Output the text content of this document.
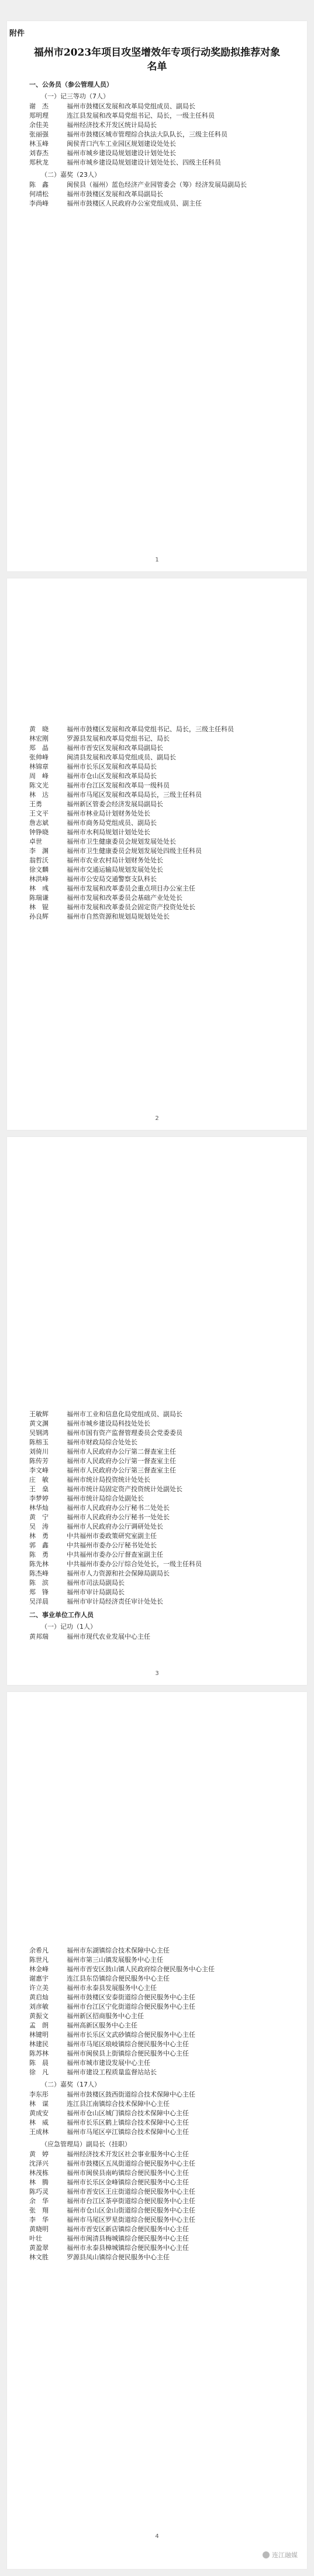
附件
福州市2023年项目攻坚增效年专项行动奖励拟推荐对象名单
一、公务员（参公管理人员）
（一）记三等功（7人）
谢　杰	福州市鼓楼区发展和改革局党组成员、副局长
郑明理	连江县发展和改革局党组书记、局长，一级主任科员
余佳美	福州经济技术开发区统计局局长
张丽强	福州市鼓楼区城市管理综合执法大队队长，三级主任科员
林玉峰	闽侯青口汽车工业园区规划建设处处长
刘春杰	福州市城乡建设局规划建设计划处处长
郑秋龙	福州市城乡建设局规划建设计划处处长、四级主任科员
（二）嘉奖（23人）
陈　鑫	闽侯县（福州）蓝色经济产业园管委会（筹）经济发展局副局长
何靖松	福州市鼓楼区发展和改革局副局长
李尚峰	福州市鼓楼区人民政府办公室党组成员、副主任
1
黄　晓	福州市鼓楼区发展和改革局党组书记、局长，三级主任科员
林宏刚	罗源县发展和改革局党组书记、局长
郑　晶	福州市晋安区发展和改革局副局长
张帅峰	闽清县发展和改革局党组成员、副局长
林锦章	福州市长乐区发展和改革局局长
周　峰	福州市仓山区发展和改革局局长
陈文光	福州市台江区发展和改革局一级科员
林　达	福州市马尾区发展和改革局局长，三级主任科员
王勇	福州新区管委会经济发展局副局长
王文平	福州市林业局计划财务处处长
詹志斌	福州市商务局党组成员、副局长
钟铮晓	福州市水利局规划计划处处长
卓世　	福州市卫生健康委员会规划发展处处长
李　渊	福州市卫生健康委员会规划发展处四级主任科员
翁哲沃	福州市农业农村局计划财务处处长
徐文麟	福州市交通运输局规划发展处处长
林洪峰	福州市公安局交通警察支队科长
林　彧	福州市发展和改革委员会重点项目办公室主任
陈瑞谦	福州市发展和改革委员会基础产业处处长
林　锟	福州市发展和改革委员会固定资产投资处处长
孙良辉	福州市自然资源和规划局规划处处长
2
王敏辉	福州市工业和信息化局党组成员、副局长
黄文渊	福州市城乡建设局科技处处长
吴钢鸿	福州市国有资产监督管理委员会党委委员
陈榕玉	福州市财政局综合处处长
刘倚川	福州市人民政府办公厅第二督查室主任
陈传芳	福州市人民政府办公厅第一督查室主任
李文峰	福州市人民政府办公厅第三督查室主任
庄　敏	福州市统计局投资统计处处长
王　燊	福州市统计局固定资产投资统计处副处长
李梦婷	福州市统计局综合处副处长
林华灿	福州市人民政府办公厅秘书二处处长
黄　宁	福州市人民政府办公厅秘书一处处长
吴　涛	福州市人民政府办公厅调研处处长
林　勇	中共福州市委政策研究室副主任
郭　鑫	中共福州市委办公厅秘书处处长
陈　勇	中共福州市委办公厅督查室副主任
陈先林	中共福州市委办公厅综合处处长，一级主任科员
陈杰峰	福州市人力资源和社会保障局副局长
陈　滨	福州市司法局副局长
郑　锋	福州市审计局副局长
吴洋晨	福州市审计局经济责任审计处处长
二、事业单位工作人员
（一）记功（1人）
黄邦瑞	福州市现代农业发展中心主任
3
余希凡	福州市东湖镇综合技术保障中心主任
陈世凡	福州市第三山镇发展服务中心主任
林金峰	福州市晋安区鼓山镇人民政府综合便民服务中心主任
谢惠宇	连江县东岱镇综合便民服务中心主任
许立美	福州市永泰县发展服务中心主任
黄启灿	福州市鼓楼区安泰街道综合便民服务中心主任
刘彦敏	福州市台江区宁化街道综合便民服务中心主任
黄振文	福州新区招商服务中心主任
孟　朗	福州高新区服务中心主任
林键明	福州市长乐区文武砂镇综合便民服务中心主任
林建民	福州市马尾区琅岐镇综合便民服务中心主任
陈苏林	福州市闽侯县上街镇综合便民服务中心主任
陈　晨	福州市城市建设发展中心主任
徐　凡	福州市建设工程质量监督站站长
（二）嘉奖（17人）
李东彤	福州市鼓楼区鼓西街道综合技术保障中心主任
林　谋	连江县江南镇综合技术保障中心主任
黄成安	福州市仓山区城门镇综合技术保障中心主任
林　威	福州市长乐区鹤上镇综合技术保障中心主任
王成林	福州市马尾区亭江镇综合技术保障中心主任
（应急管理局）副局长（挂职）
黄　婷	福州经济技术开发区社会事业服务中心主任
沈泽兴	福州市鼓楼区五凤街道综合便民服务中心主任
林茂栋	福州市闽侯县南屿镇综合便民服务中心主任
林　腾	福州市长乐区金峰镇综合便民服务中心主任
陈巧灵	福州市晋安区王庄街道综合便民服务中心主任
余　华	福州市台江区茶亭街道综合便民服务中心主任
张　翔	福州市仓山区金山街道综合便民服务中心主任
李　华	福州市马尾区罗星街道综合便民服务中心主任
黄晓明	福州市晋安区新店镇综合便民服务中心主任
叶壮　	福州市闽清县梅城镇综合便民服务中心主任
黄盈翠	福州市永泰县樟城镇综合便民服务中心主任
林文胜	罗源县凤山镇综合便民服务中心主任
4
连江融媒
